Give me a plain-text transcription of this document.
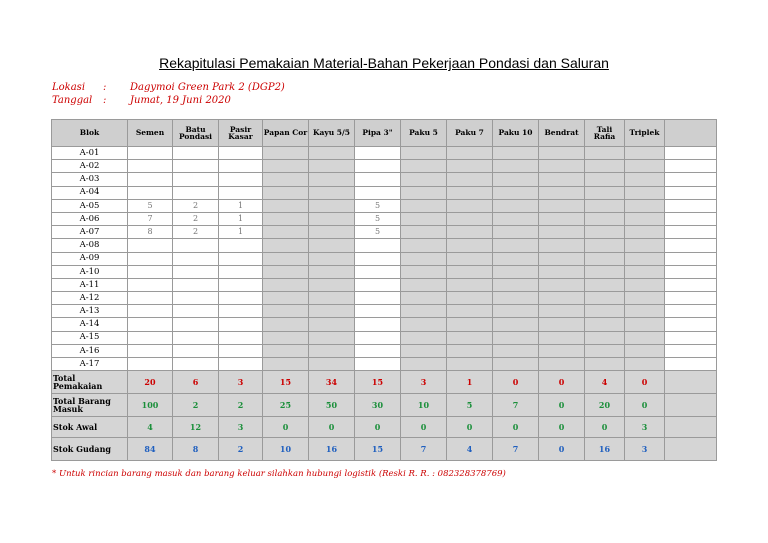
Rekapitulasi Pemakaian Material-Bahan Pekerjaan Pondasi dan Saluran
Lokasi : Dagymoi Green Park 2 (DGP2)
Tanggal : Jumat, 19 Juni 2020
Blok	Semen	Batu Pondasi	Pasir Kasar	Papan Cor	Kayu 5/5	Pipa 3"	Paku 5	Paku 7	Paku 10	Bendrat	Tali Rafia	Triplek	
A-01													
A-02													
A-03													
A-04													
A-05	5	2	1			5							
A-06	7	2	1			5							
A-07	8	2	1			5							
A-08													
A-09													
A-10													
A-11													
A-12													
A-13													
A-14													
A-15													
A-16													
A-17													
Total Pemakaian	20	6	3	15	34	15	3	1	0	0	4	0	
Total Barang Masuk	100	2	2	25	50	30	10	5	7	0	20	0	
Stok Awal	4	12	3	0	0	0	0	0	0	0	0	3	
Stok Gudang	84	8	2	10	16	15	7	4	7	0	16	3	
* Untuk rincian barang masuk dan barang keluar silahkan hubungi logistik (Reski R. R. : 082328378769)
